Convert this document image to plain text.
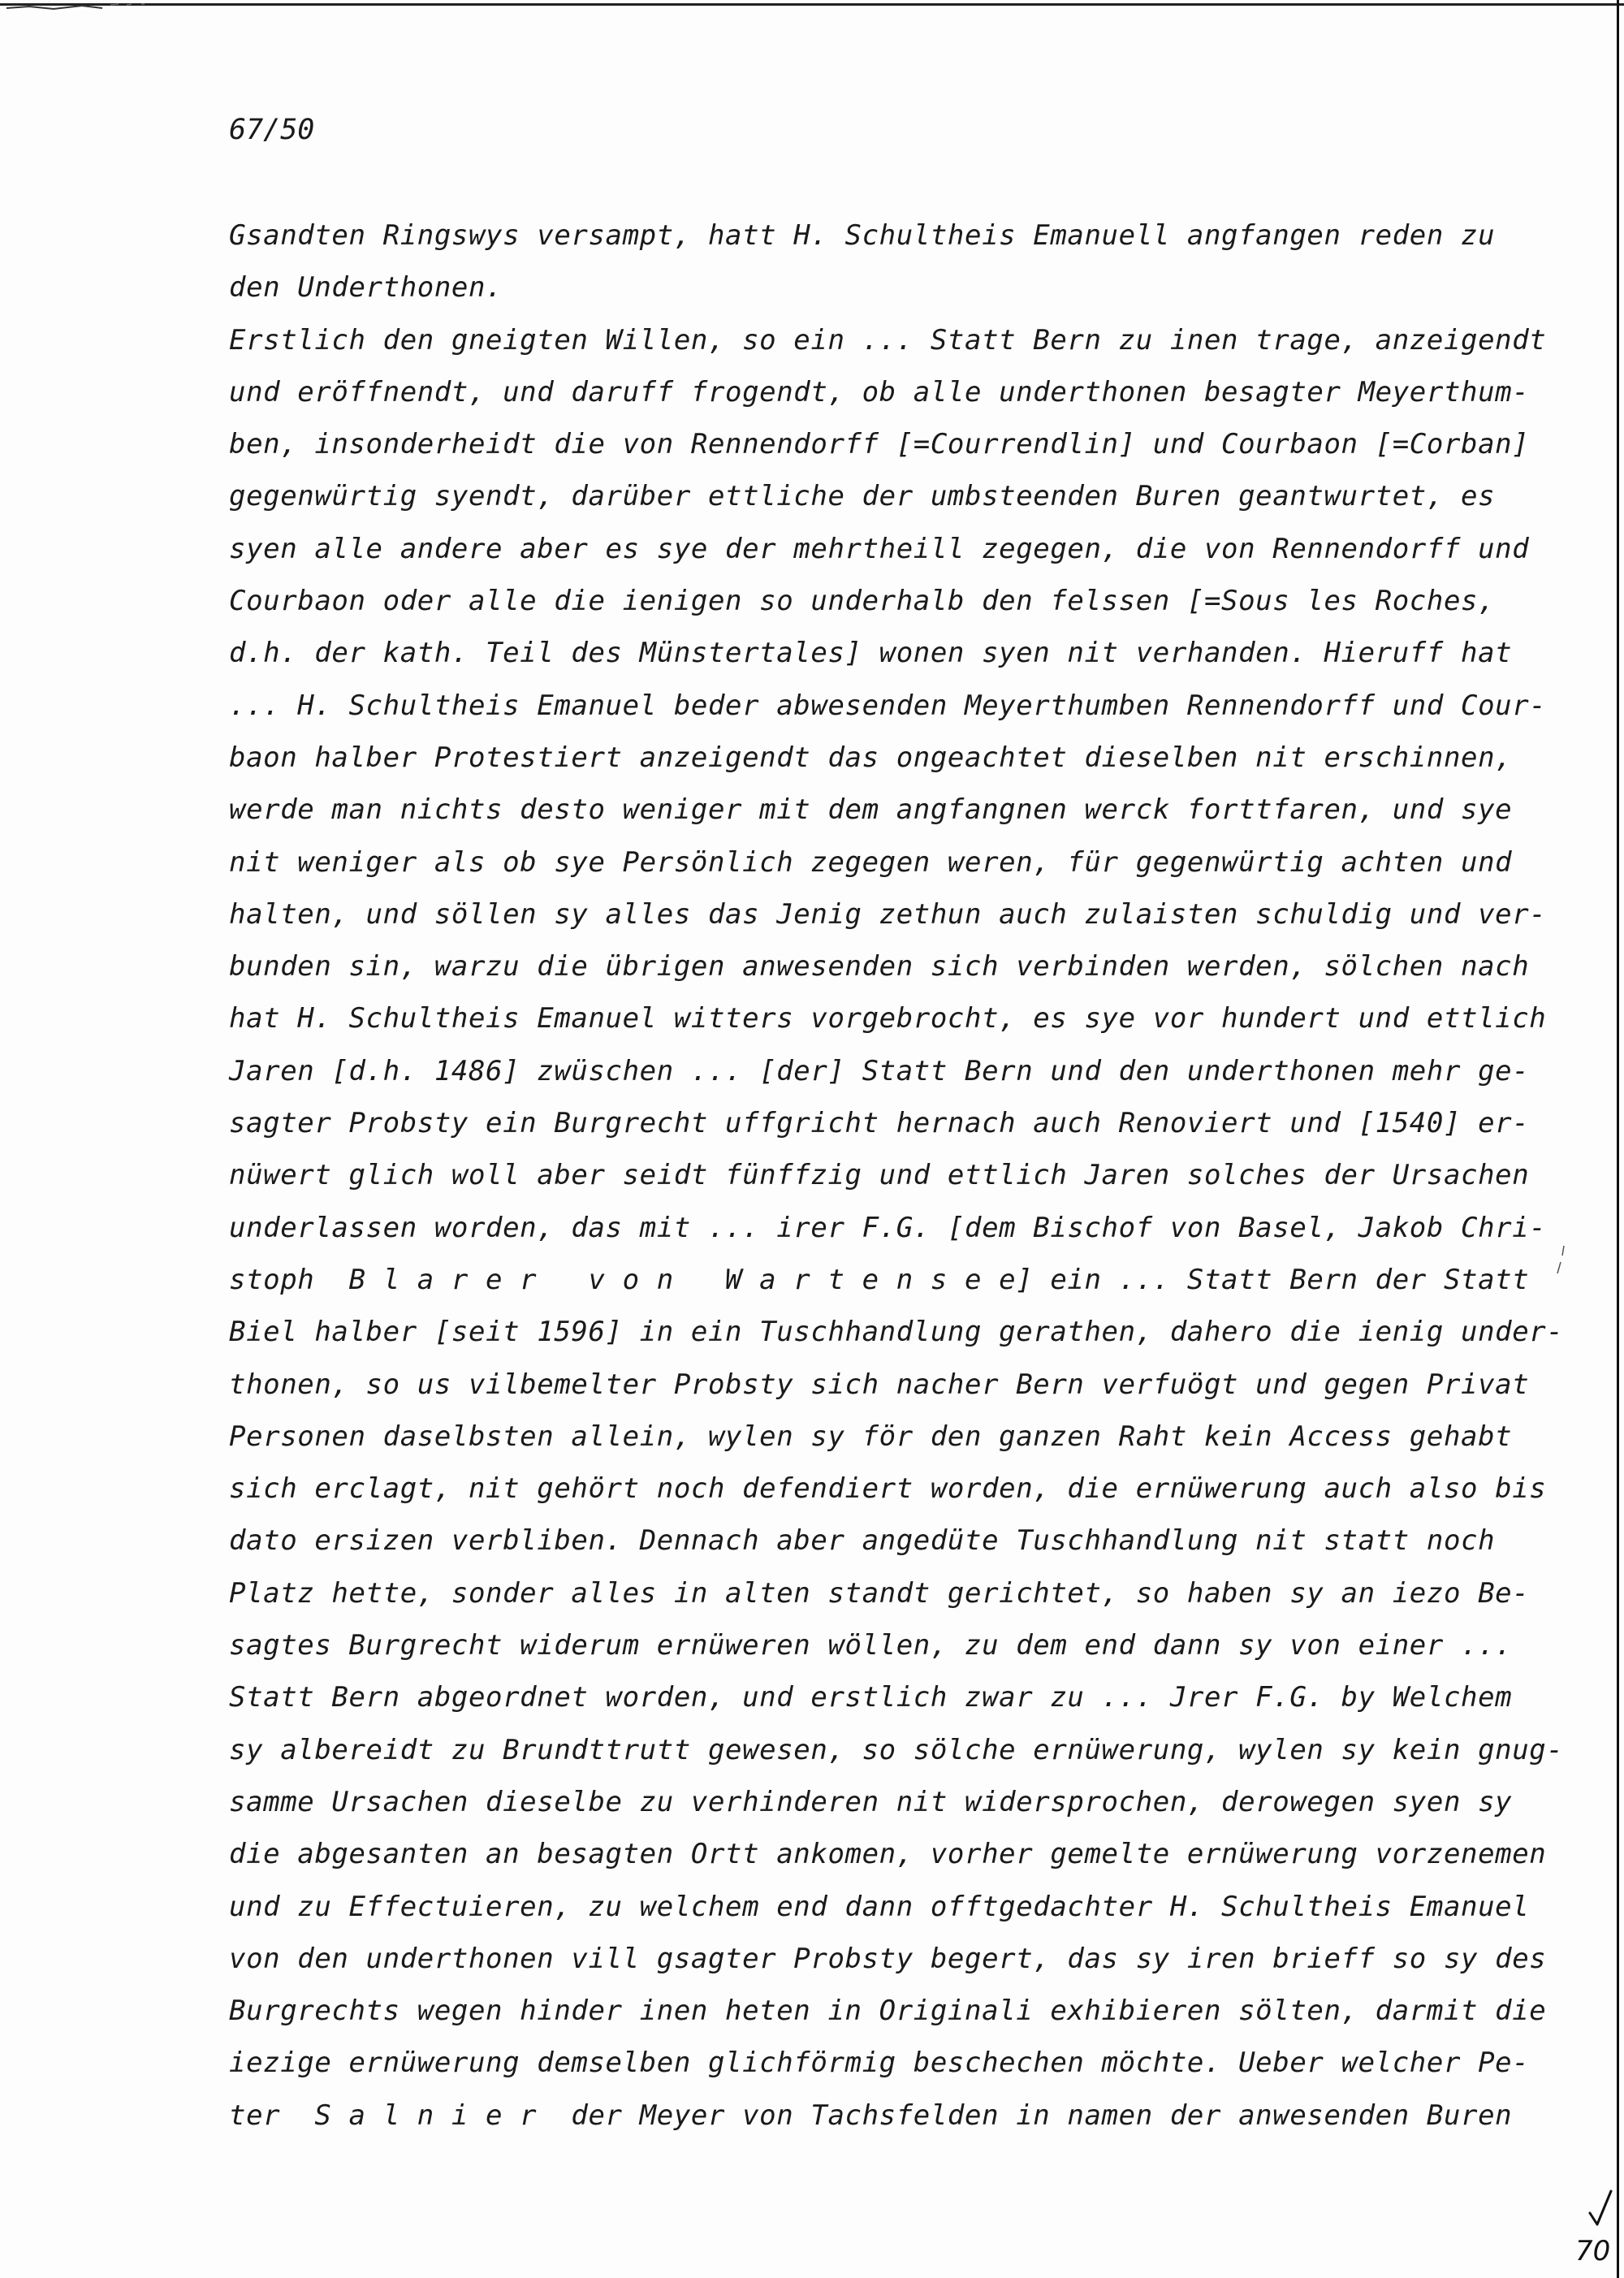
67/50
Gsandten Ringswys versampt, hatt H. Schultheis Emanuell angfangen reden zu
den Underthonen.
Erstlich den gneigten Willen, so ein ... Statt Bern zu inen trage, anzeigendt
und eröffnendt, und daruff frogendt, ob alle underthonen besagter Meyerthum-
ben, insonderheidt die von Rennendorff [=Courrendlin] und Courbaon [=Corban]
gegenwürtig syendt, darüber ettliche der umbsteenden Buren geantwurtet, es
syen alle andere aber es sye der mehrtheill zegegen, die von Rennendorff und
Courbaon oder alle die ienigen so underhalb den felssen [=Sous les Roches,
d.h. der kath. Teil des Münstertales] wonen syen nit verhanden. Hieruff hat
... H. Schultheis Emanuel beder abwesenden Meyerthumben Rennendorff und Cour-
baon halber Protestiert anzeigendt das ongeachtet dieselben nit erschinnen,
werde man nichts desto weniger mit dem angfangnen werck forttfaren, und sye
nit weniger als ob sye Persönlich zegegen weren, für gegenwürtig achten und
halten, und söllen sy alles das Jenig zethun auch zulaisten schuldig und ver-
bunden sin, warzu die übrigen anwesenden sich verbinden werden, sölchen nach
hat H. Schultheis Emanuel witters vorgebrocht, es sye vor hundert und ettlich
Jaren [d.h. 1486] zwüschen ... [der] Statt Bern und den underthonen mehr ge-
sagter Probsty ein Burgrecht uffgricht hernach auch Renoviert und [1540] er-
nüwert glich woll aber seidt fünffzig und ettlich Jaren solches der Ursachen
underlassen worden, das mit ... irer F.G. [dem Bischof von Basel, Jakob Chri-
stoph  B l a r e r   v o n   W a r t e n s e e] ein ... Statt Bern der Statt
Biel halber [seit 1596] in ein Tuschhandlung gerathen, dahero die ienig under-
thonen, so us vilbemelter Probsty sich nacher Bern verfuögt und gegen Privat
Personen daselbsten allein, wylen sy för den ganzen Raht kein Access gehabt
sich erclagt, nit gehört noch defendiert worden, die ernüwerung auch also bis
dato ersizen verbliben. Dennach aber angedüte Tuschhandlung nit statt noch
Platz hette, sonder alles in alten standt gerichtet, so haben sy an iezo Be-
sagtes Burgrecht widerum ernüweren wöllen, zu dem end dann sy von einer ...
Statt Bern abgeordnet worden, und erstlich zwar zu ... Jrer F.G. by Welchem
sy albereidt zu Brundttrutt gewesen, so sölche ernüwerung, wylen sy kein gnug-
samme Ursachen dieselbe zu verhinderen nit widersprochen, derowegen syen sy
die abgesanten an besagten Ortt ankomen, vorher gemelte ernüwerung vorzenemen
und zu Effectuieren, zu welchem end dann offtgedachter H. Schultheis Emanuel
von den underthonen vill gsagter Probsty begert, das sy iren brieff so sy des
Burgrechts wegen hinder inen heten in Originali exhibieren sölten, darmit die
iezige ernüwerung demselben glichförmig beschechen möchte. Ueber welcher Pe-
ter  S a l n i e r  der Meyer von Tachsfelden in namen der anwesenden Buren
70
